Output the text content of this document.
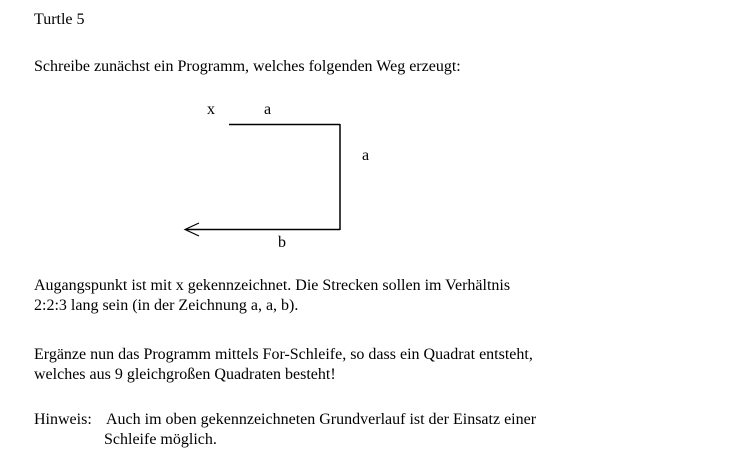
Turtle 5

Schreibe zunächst ein Programm, welches folgenden Weg erzeugt:

x	a

a

b

Augangspunkt ist mit x gekennzeichnet. Die Strecken sollen im Verhältnis
2:2:3 lang sein (in der Zeichnung a, a, b).
Ergänze nun das Programm mittels For-Schleife, so dass ein Quadrat entsteht,
welches aus 9 gleichgroßen Quadraten besteht!
Hinweis: Auch im oben gekennzeichneten Grundverlauf ist der Einsatz einer
Schleife möglich.
